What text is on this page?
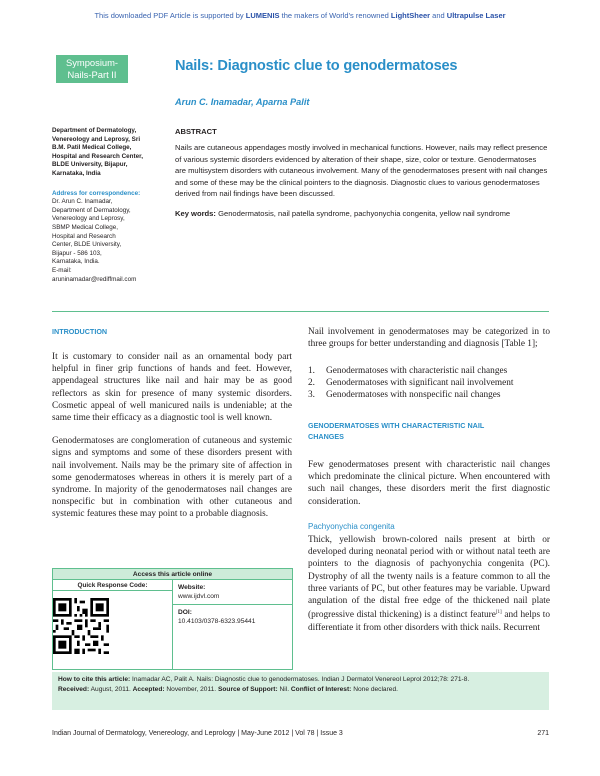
This downloaded PDF Article is supported by LUMENIS the makers of World's renowned LightSheer and Ultrapulse Laser
Symposium-
Nails-Part II
Nails: Diagnostic clue to genodermatoses
Arun C. Inamadar, Aparna Palit
Department of Dermatology,
Venereology and Leprosy, Sri
B.M. Patil Medical College,
Hospital and Research Center,
BLDE University, Bijapur,
Karnataka, India
Address for correspondence:
Dr. Arun C. Inamadar,
Department of Dermatology,
Venereology and Leprosy,
SBMP Medical College,
Hospital and Research
Center, BLDE University,
Bijapur - 586 103,
Karnataka, India.
E-mail:
aruninamadar@rediffmail.com
ABSTRACT

Nails are cutaneous appendages mostly involved in mechanical functions. However, nails may reflect presence of various systemic disorders evidenced by alteration of their shape, size, color or texture. Genodermatoses are multisystem disorders with cutaneous involvement. Many of the genodermatoses present with nail changes and some of these may be the clinical pointers to the diagnosis. Diagnostic clues to various genodermatoses derived from nail findings have been discussed.

Key words: Genodermatosis, nail patella syndrome, pachyonychia congenita, yellow nail syndrome

INTRODUCTION

It is customary to consider nail as an ornamental body part helpful in finer grip functions of hands and feet. However, appendageal structures like nail and hair may be as good reflectors as skin for presence of many systemic disorders. Cosmetic appeal of well manicured nails is undeniable; at the same time their efficacy as a diagnostic tool is well known.

Genodermatoses are conglomeration of cutaneous and systemic signs and symptoms and some of these disorders present with nail involvement. Nails may be the primary site of affection in some genodermatoses whereas in others it is merely part of a syndrome. In majority of the genodermatoses nail changes are nonspecific but in combination with other cutaneous and systemic features these may point to a probable diagnosis.

Nail involvement in genodermatoses may be categorized in to three groups for better understanding and diagnosis [Table 1];

1.	Genodermatoses with characteristic nail changes
2.	Genodermatoses with significant nail involvement
3.	Genodermatoses with nonspecific nail changes
GENODERMATOSES WITH CHARACTERISTIC NAIL
CHANGES

Few genodermatoses present with characteristic nail changes which predominate the clinical picture. When encountered with such nail changes, these disorders merit the first diagnostic consideration.

Pachyonychia congenita

Thick, yellowish brown-colored nails present at birth or developed during neonatal period with or without natal teeth are pointers to the diagnosis of pachyonychia congenita (PC). Dystrophy of all the twenty nails is a feature common to all the three variants of PC, but other features may be variable. Upward angulation of the distal free edge of the thickened nail plate (progressive distal thickening) is a distinct feature[1] and helps to differentiate it from other disorders with thick nails. Recurrent

Access this article online
Quick Response Code:	Website:
www.ijdvl.com
DOI:
10.4103/0378-6323.95441
How to cite this article: Inamadar AC, Palit A. Nails: Diagnostic clue to genodermatoses. Indian J Dermatol Venereol Leprol 2012;78: 271-8.
Received: August, 2011. Accepted: November, 2011. Source of Support: Nil. Conflict of Interest: None declared.
Indian Journal of Dermatology, Venereology, and Leprology | May-June 2012 | Vol 78 | Issue 3	271
